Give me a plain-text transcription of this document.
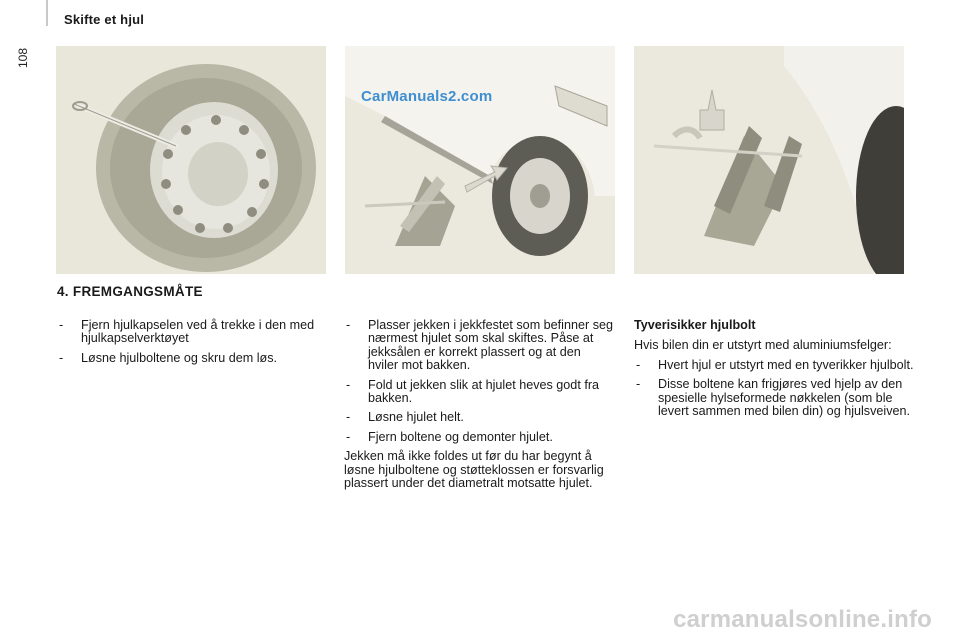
Skifte et hjul
108
CarManuals2.com
4. FREMGANGSMÅTE
- Fjern hjulkapselen ved å trekke i den med hjulkapselverktøyet
- Løsne hjulboltene og skru dem løs.
- Plasser jekken i jekkfestet som befinner seg nærmest hjulet som skal skiftes. Påse at jekksålen er korrekt plassert og at den hviler mot bakken.
- Fold ut jekken slik at hjulet heves godt fra bakken.
- Løsne hjulet helt.
- Fjern boltene og demonter hjulet.
Jekken må ikke foldes ut før du har begynt å løsne hjulboltene og støtteklossen er forsvarlig plassert under det diametralt motsatte hjulet.
Tyverisikker hjulbolt
Hvis bilen din er utstyrt med aluminiumsfelger:
- Hvert hjul er utstyrt med en tyverikker hjulbolt.
- Disse boltene kan frigjøres ved hjelp av den spesielle hylseformede nøkkelen (som ble levert sammen med bilen din) og hjulsveiven.
carmanualsonline.info
